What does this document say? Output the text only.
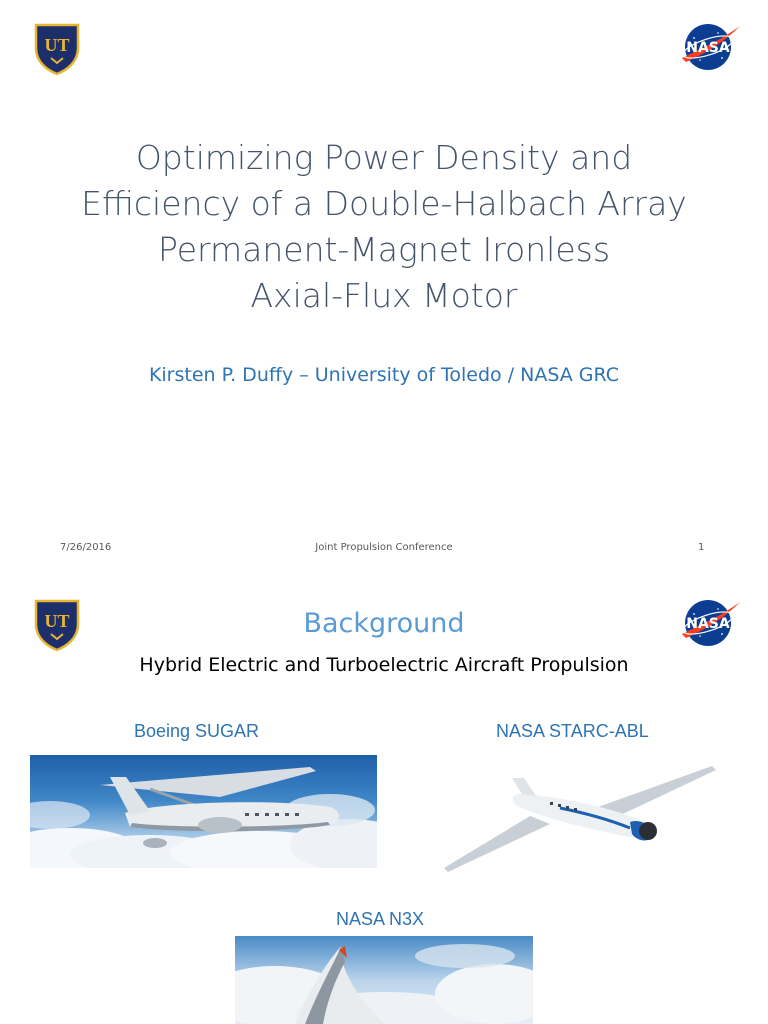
UT	NASA
Optimizing Power Density and
Efficiency of a Double-Halbach Array
Permanent-Magnet Ironless
Axial-Flux Motor
Kirsten P. Duffy – University of Toledo / NASA GRC
7/26/2016	Joint Propulsion Conference	1
UT	NASA
Background
Hybrid Electric and Turboelectric Aircraft Propulsion
Boeing SUGAR	NASA STARC-ABL
NASA N3X
